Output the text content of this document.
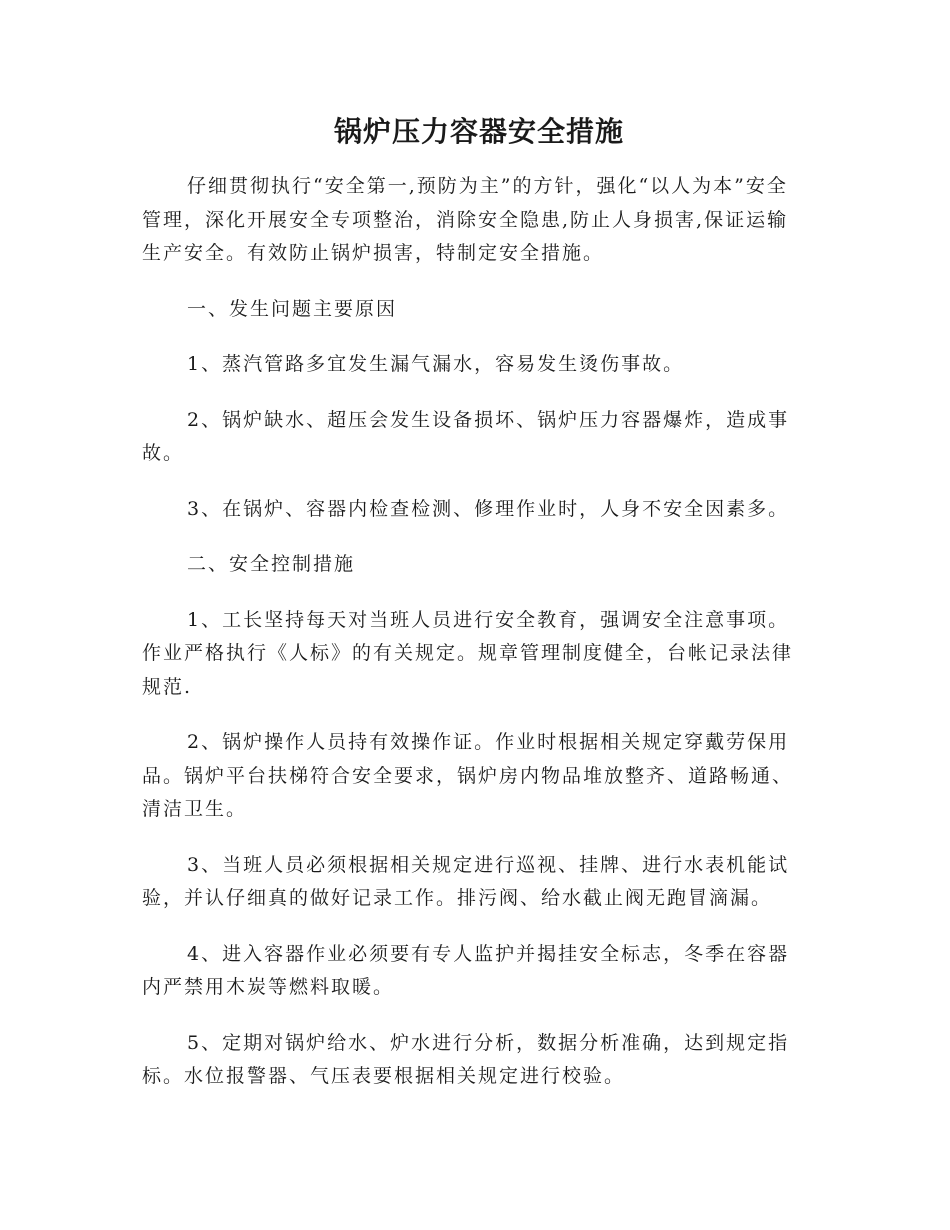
锅炉压力容器安全措施

仔细贯彻执行“安全第一,预防为主”的方针，强化“以人为本”安全管理，深化开展安全专项整治，消除安全隐患,防止人身损害,保证运输生产安全。有效防止锅炉损害，特制定安全措施。

一、发生问题主要原因

1、蒸汽管路多宜发生漏气漏水，容易发生烫伤事故。

2、锅炉缺水、超压会发生设备损坏、锅炉压力容器爆炸，造成事故。

3、在锅炉、容器内检查检测、修理作业时，人身不安全因素多。

二、安全控制措施

1、工长坚持每天对当班人员进行安全教育，强调安全注意事项。作业严格执行《人标》的有关规定。规章管理制度健全，台帐记录法律规范.

2、锅炉操作人员持有效操作证。作业时根据相关规定穿戴劳保用品。锅炉平台扶梯符合安全要求，锅炉房内物品堆放整齐、道路畅通、清洁卫生。

3、当班人员必须根据相关规定进行巡视、挂牌、进行水表机能试验，并认仔细真的做好记录工作。排污阀、给水截止阀无跑冒滴漏。

4、进入容器作业必须要有专人监护并揭挂安全标志，冬季在容器内严禁用木炭等燃料取暖。

5、定期对锅炉给水、炉水进行分析，数据分析准确，达到规定指标。水位报警器、气压表要根据相关规定进行校验。
